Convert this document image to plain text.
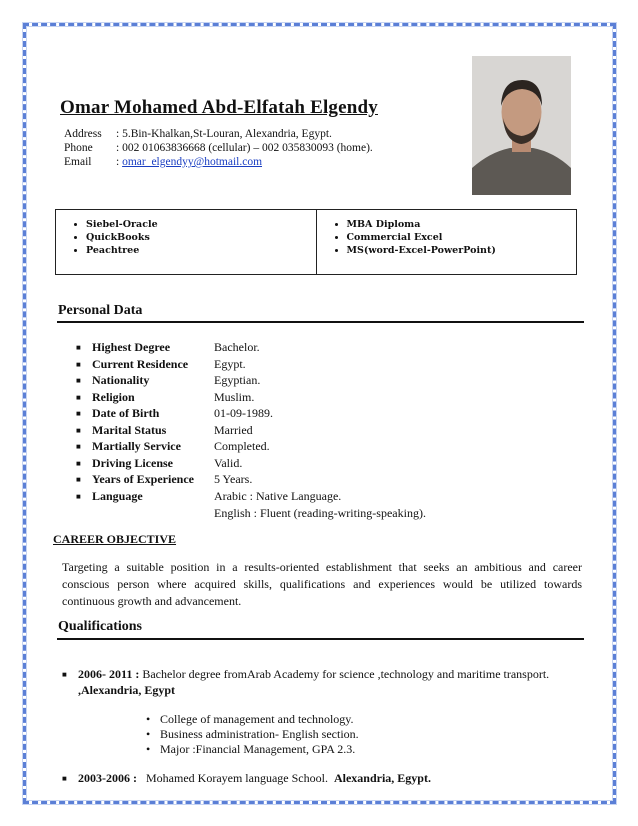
Omar Mohamed Abd-Elfatah Elgendy
Address : 5.Bin-Khalkan,St-Louran, Alexandria, Egypt.
Phone : 002 01063836668 (cellular) – 002 035830093 (home).
Email : omar_elgendyy@hotmail.com
• Siebel-Oracle
• QuickBooks
• Peachtree
• MBA Diploma
• Commercial Excel
• MS(word-Excel-PowerPoint)
Personal Data
■ Highest Degree	Bachelor.
■ Current Residence Egypt.
■ Nationality	Egyptian.
■ Religion	Muslim.
■ Date of Birth	01-09-1989.
■ Marital Status	Married
■ Martially Service	Completed.
■ Driving License	Valid.
■ Years of Experience 5 Years.
■ Language	Arabic : Native Language.
English : Fluent (reading-writing-speaking).
CAREER OBJECTIVE
Targeting a suitable position in a results-oriented establishment that seeks an ambitious and career conscious person where acquired skills, qualifications and experiences would be utilized towards continuous growth and advancement.
Qualifications
■ 2006- 2011 : Bachelor degree fromArab Academy for science ,technology and maritime transport.
,Alexandria, Egypt
• College of management and technology.
• Business administration- English section.
• Major :Financial Management, GPA 2.3.
■ 2003-2006 : Mohamed Korayem language School. Alexandria, Egypt.
